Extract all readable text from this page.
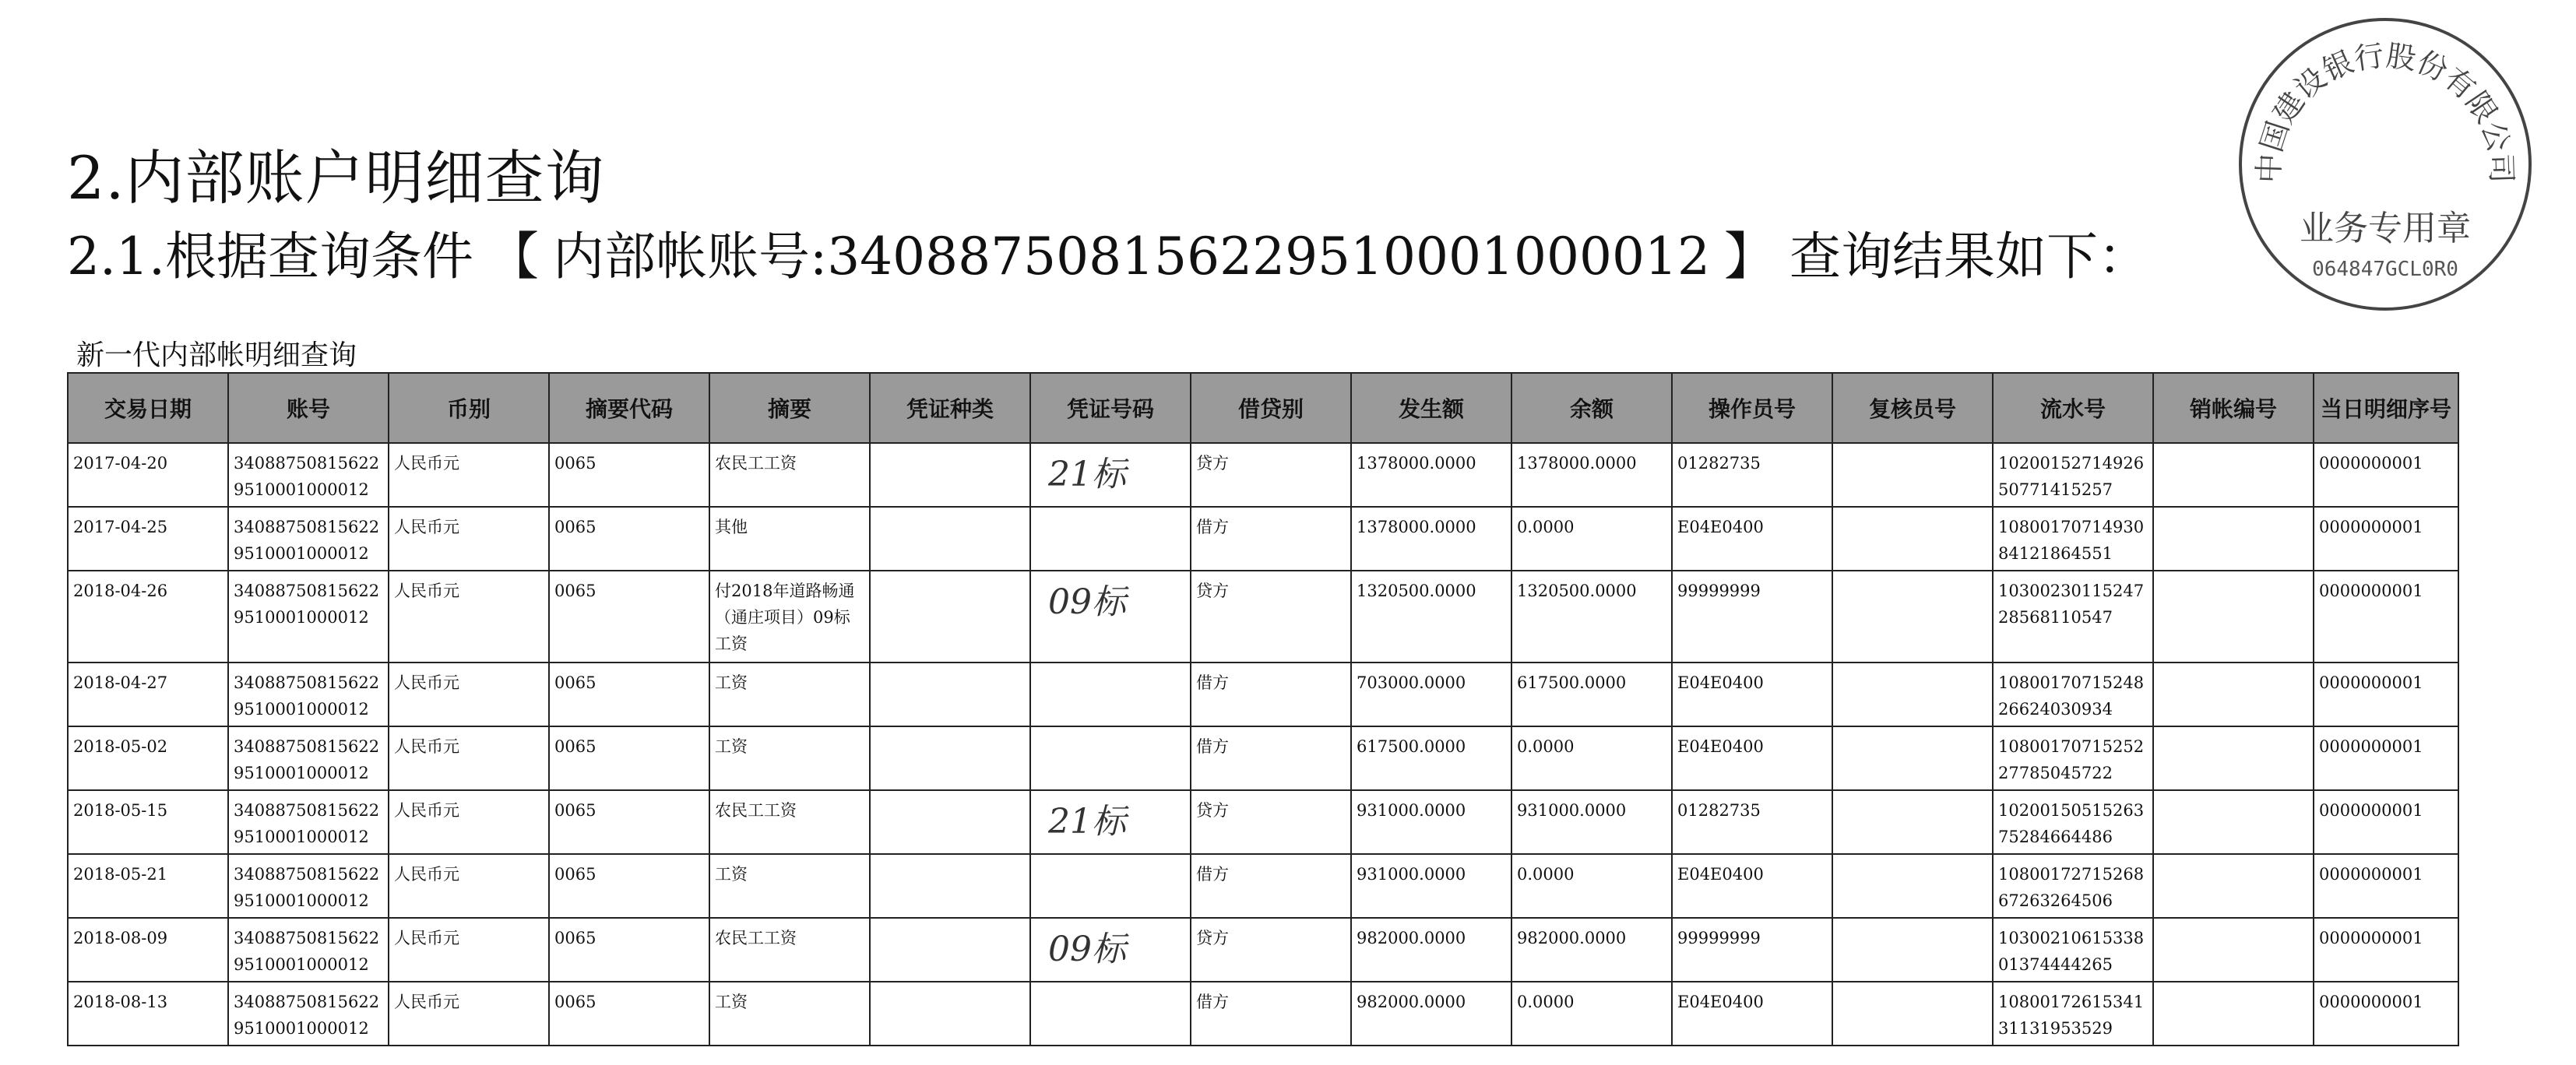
2.内部账户明细查询
2.1.根据查询条件 【 内部帐账号:340887508156229510001000012 】 查询结果如下：
中国建设银行股份有限公司
业务专用章
064847GCL0R0
新一代内部帐明细查询
交易日期	账号	币别	摘要代码	摘要	凭证种类	凭证号码	借贷别	发生额	余额	操作员号	复核员号	流水号	销帐编号	当日明细序号
2017-04-20	340887508156229510001000012	人民币元	0065	农民工工资		21标	贷方	1378000.0000	1378000.0000	01282735		1020015271492650771415257		0000000001
2017-04-25	340887508156229510001000012	人民币元	0065	其他			借方	1378000.0000	0.0000	E04E0400		1080017071493084121864551		0000000001
2018-04-26	340887508156229510001000012	人民币元	0065	付2018年道路畅通（通庄项目）09标工资		09标	贷方	1320500.0000	1320500.0000	99999999		1030023011524728568110547		0000000001
2018-04-27	340887508156229510001000012	人民币元	0065	工资			借方	703000.0000	617500.0000	E04E0400		1080017071524826624030934		0000000001
2018-05-02	340887508156229510001000012	人民币元	0065	工资			借方	617500.0000	0.0000	E04E0400		1080017071525227785045722		0000000001
2018-05-15	340887508156229510001000012	人民币元	0065	农民工工资		21标	贷方	931000.0000	931000.0000	01282735		1020015051526375284664486		0000000001
2018-05-21	340887508156229510001000012	人民币元	0065	工资			借方	931000.0000	0.0000	E04E0400		1080017271526867263264506		0000000001
2018-08-09	340887508156229510001000012	人民币元	0065	农民工工资		09标	贷方	982000.0000	982000.0000	99999999		1030021061533801374444265		0000000001
2018-08-13	340887508156229510001000012	人民币元	0065	工资			借方	982000.0000	0.0000	E04E0400		1080017261534131131953529		0000000001
